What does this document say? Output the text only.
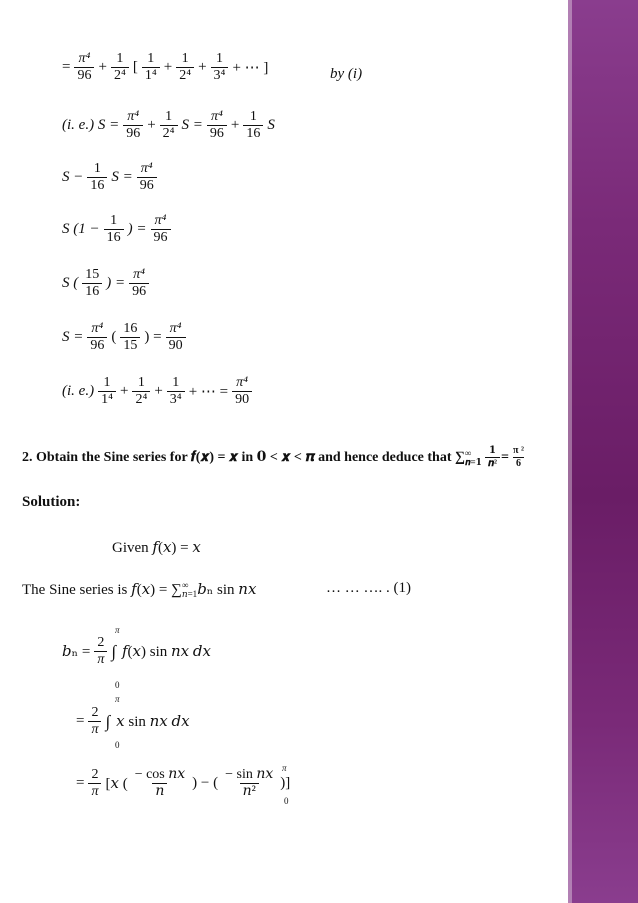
= $\frac{\text{π⁴}}{96} + \frac{1}{\text{2⁴}}$ [ $\frac{1}{\text{1⁴}} + \frac{1}{\text{2⁴}} + \frac{1}{\text{3⁴}}$ + ⋯ ]	by (i)
(i. e.) $S = \frac{\text{π⁴}}{96} + \frac{1}{\text{2⁴}}$ $S = \frac{\text{π⁴}}{96} + \frac{1}{16}$ S
$S - \frac{1}{16}$ $S = \frac{\text{π⁴}}{96}$
S ($1 - \frac{1}{16}$ ) = $\frac{\text{π⁴}}{96}$
S ( $\frac{15}{16}$ ) = $\frac{\text{π⁴}}{96}$
$S = \frac{\text{π⁴}}{96}$ ( $\frac{16}{15}$ ) = $\frac{\text{π⁴}}{90}$
(i. $e.) \frac{1}{\text{1⁴}} + \frac{1}{\text{2⁴}} + \frac{1}{\text{3⁴}}$ + ⋯ = $\frac{\text{π⁴}}{90}$
2. Obtain the Sine series for 𝒇(𝒙) = 𝒙 in 𝟎 < 𝒙 < 𝝅 and hence deduce that ∑ ∞
𝒏=𝟏 $\frac{𝟏}{\text{𝒏²}} = \frac{\text{π ²}}{6}$
Solution:
Given 𝑓(𝑥) = 𝑥
The Sine series is 𝑓(𝑥) = ∑ ∞
𝑛=1 𝑏ₙ sin 𝑛𝑥	… … …. . (1)
𝑏ₙ = $\frac{2}{\pi}$ ∫ 𝑓(𝑥) sin 𝑛𝑥 𝑑𝑥
π
0
= $\frac{2}{\pi}$ ∫ 𝑥 sin 𝑛𝑥 𝑑𝑥
π
0
= $\frac{2}{\pi}$ [𝑥 ( $\frac{\text{− cos 𝑛𝑥}}{\text{𝑛}}$ ) − ( $\frac{\text{− sin 𝑛𝑥}}{\text{𝑛²}}$ )]
π
0
